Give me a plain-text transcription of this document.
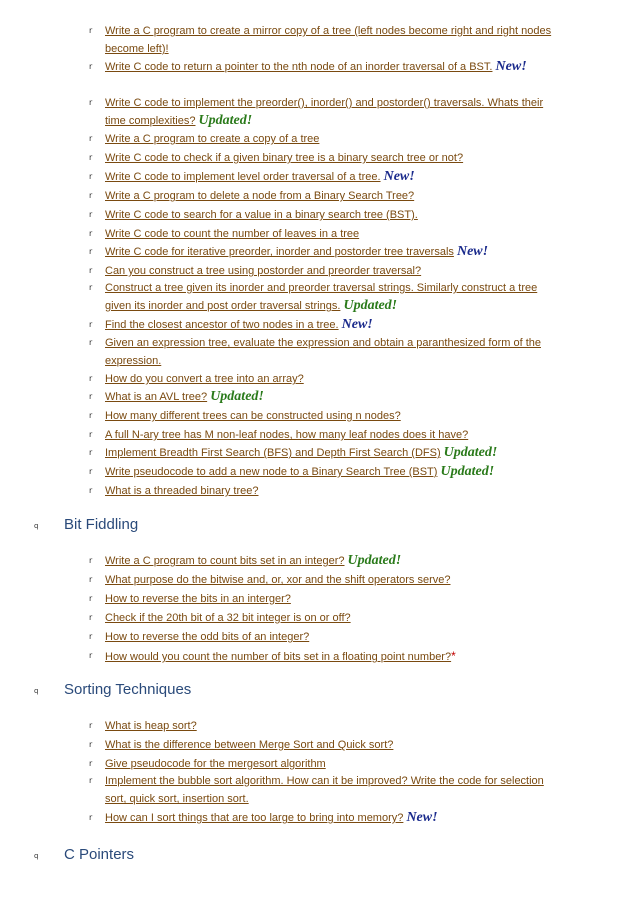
r Write a C program to create a mirror copy of a tree (left nodes become right and right nodes become left)!
r Write C code to return a pointer to the nth node of an inorder traversal of a BST. New!
r Write C code to implement the preorder(), inorder() and postorder() traversals. Whats their time complexities? Updated!
r Write a C program to create a copy of a tree
r Write C code to check if a given binary tree is a binary search tree or not?
r Write C code to implement level order traversal of a tree. New!
r Write a C program to delete a node from a Binary Search Tree?
r Write C code to search for a value in a binary search tree (BST).
r Write C code to count the number of leaves in a tree
r Write C code for iterative preorder, inorder and postorder tree traversals New!
r Can you construct a tree using postorder and preorder traversal?
r Construct a tree given its inorder and preorder traversal strings. Similarly construct a tree given its inorder and post order traversal strings. Updated!
r Find the closest ancestor of two nodes in a tree. New!
r Given an expression tree, evaluate the expression and obtain a paranthesized form of the expression.
r How do you convert a tree into an array?
r What is an AVL tree? Updated!
r How many different trees can be constructed using n nodes?
r A full N-ary tree has M non-leaf nodes, how many leaf nodes does it have?
r Implement Breadth First Search (BFS) and Depth First Search (DFS) Updated!
r Write pseudocode to add a new node to a Binary Search Tree (BST) Updated!
r What is a threaded binary tree?
q Bit Fiddling
r Write a C program to count bits set in an integer? Updated!
r What purpose do the bitwise and, or, xor and the shift operators serve?
r How to reverse the bits in an interger?
r Check if the 20th bit of a 32 bit integer is on or off?
r How to reverse the odd bits of an integer?
r How would you count the number of bits set in a floating point number?*
q Sorting Techniques
r What is heap sort?
r What is the difference between Merge Sort and Quick sort?
r Give pseudocode for the mergesort algorithm
r Implement the bubble sort algorithm. How can it be improved? Write the code for selection sort, quick sort, insertion sort.
r How can I sort things that are too large to bring into memory? New!
q C Pointers
